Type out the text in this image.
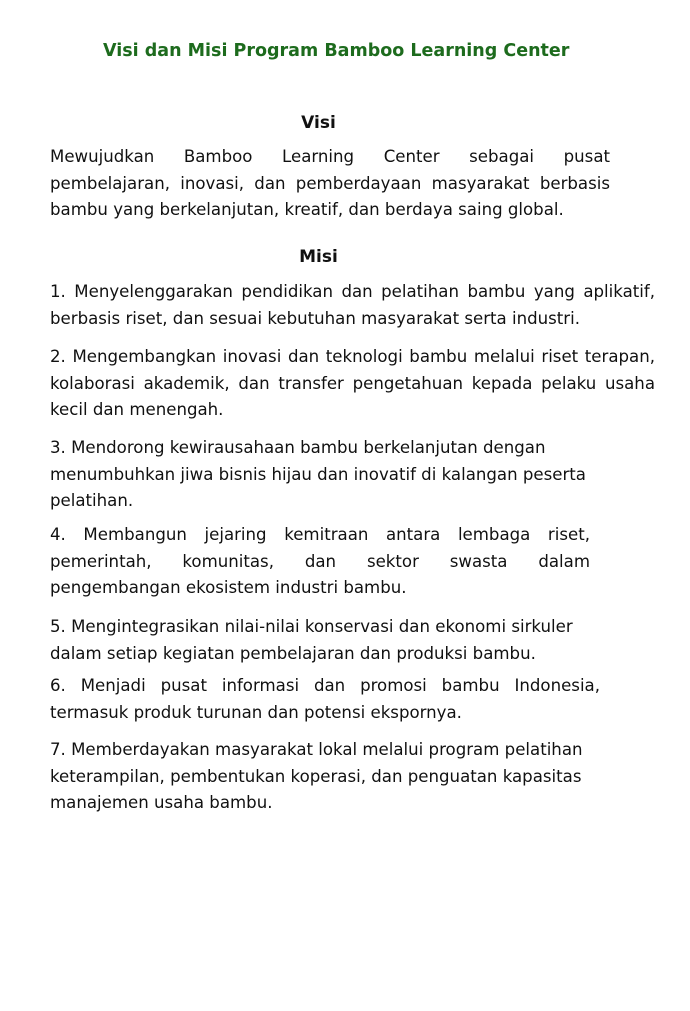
Visi dan Misi Program Bamboo Learning Center
Visi

Mewujudkan Bamboo Learning Center sebagai pusat pembelajaran, inovasi, dan pemberdayaan masyarakat berbasis bambu yang berkelanjutan, kreatif, dan berdaya saing global.

Misi

1. Menyelenggarakan pendidikan dan pelatihan bambu yang aplikatif, berbasis riset, dan sesuai kebutuhan masyarakat serta industri.

2. Mengembangkan inovasi dan teknologi bambu melalui riset terapan, kolaborasi akademik, dan transfer pengetahuan kepada pelaku usaha kecil dan menengah.

3. Mendorong kewirausahaan bambu berkelanjutan dengan menumbuhkan jiwa bisnis hijau dan inovatif di kalangan peserta pelatihan.

4. Membangun jejaring kemitraan antara lembaga riset, pemerintah, komunitas, dan sektor swasta dalam pengembangan ekosistem industri bambu.

5. Mengintegrasikan nilai-nilai konservasi dan ekonomi sirkuler dalam setiap kegiatan pembelajaran dan produksi bambu.

6. Menjadi pusat informasi dan promosi bambu Indonesia, termasuk produk turunan dan potensi ekspornya.

7. Memberdayakan masyarakat lokal melalui program pelatihan keterampilan, pembentukan koperasi, dan penguatan kapasitas manajemen usaha bambu.
